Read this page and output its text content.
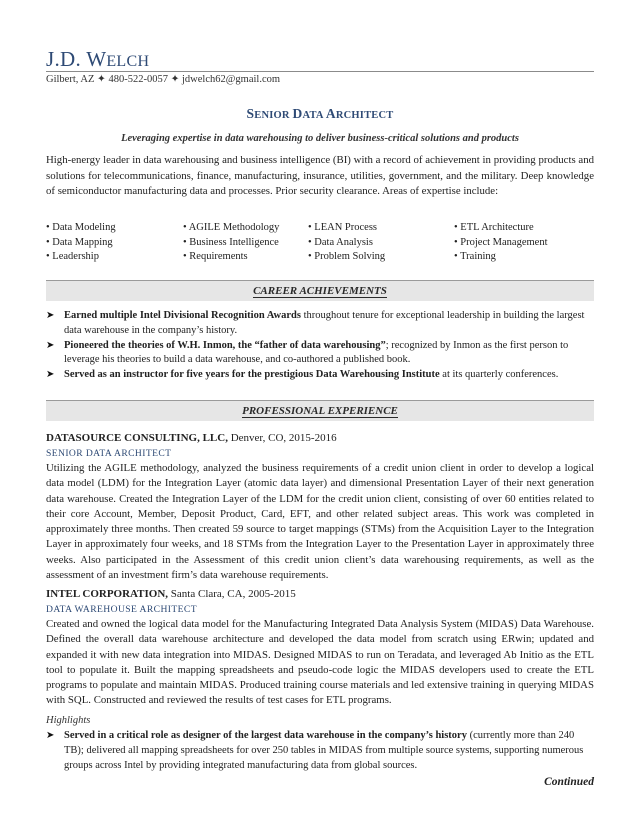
J.D. WELCH
Gilbert, AZ ✦ 480-522-0057 ✦ jdwelch62@gmail.com
SENIOR DATA ARCHITECT
Leveraging expertise in data warehousing to deliver business-critical solutions and products
High-energy leader in data warehousing and business intelligence (BI) with a record of achievement in providing products and solutions for telecommunications, finance, manufacturing, insurance, utilities, government, and the military. Deep knowledge of semiconductor manufacturing data and processes. Prior security clearance. Areas of expertise include:
• Data Modeling
• Data Mapping
• Leadership
• AGILE Methodology
• Business Intelligence
• Requirements
• LEAN Process
• Data Analysis
• Problem Solving
• ETL Architecture
• Project Management
• Training
CAREER ACHIEVEMENTS
➤ Earned multiple Intel Divisional Recognition Awards throughout tenure for exceptional leadership in building the largest data warehouse in the company’s history.
➤ Pioneered the theories of W.H. Inmon, the “father of data warehousing”; recognized by Inmon as the first person to leverage his theories to build a data warehouse, and co-authored a published book.
➤ Served as an instructor for five years for the prestigious Data Warehousing Institute at its quarterly conferences.
PROFESSIONAL EXPERIENCE
DATASOURCE CONSULTING, LLC, Denver, CO, 2015-2016
SENIOR DATA ARCHITECT
Utilizing the AGILE methodology, analyzed the business requirements of a credit union client in order to develop a logical data model (LDM) for the Integration Layer (atomic data layer) and dimensional Presentation Layer of their next generation data warehouse. Created the Integration Layer of the LDM for the credit union client, consisting of over 60 entities related to their core Account, Member, Deposit Product, Card, EFT, and other related subject areas. This work was completed in approximately three months. Then created 59 source to target mappings (STMs) from the Acquisition Layer to the Integration Layer in approximately four weeks, and 18 STMs from the Integration Layer to the Presentation Layer in approximately three weeks. Also participated in the Assessment of this credit union client’s data warehousing requirements, as well as the assessment of an investment firm’s data warehouse requirements.
INTEL CORPORATION, Santa Clara, CA, 2005-2015
DATA WAREHOUSE ARCHITECT
Created and owned the logical data model for the Manufacturing Integrated Data Analysis System (MIDAS) Data Warehouse. Defined the overall data warehouse architecture and developed the data model from scratch using ERwin; updated and expanded it with new data integration into MIDAS. Designed MIDAS to run on Teradata, and leveraged Ab Initio as the ETL tool to populate it. Built the mapping spreadsheets and pseudo-code logic the MIDAS developers used to create the ETL programs to populate and maintain MIDAS. Produced training course materials and led extensive training in querying MIDAS with SQL. Constructed and reviewed the results of test cases for ETL programs.
Highlights
➤ Served in a critical role as designer of the largest data warehouse in the company’s history (currently more than 240 TB); delivered all mapping spreadsheets for over 250 tables in MIDAS from multiple source systems, supporting numerous groups across Intel by providing integrated manufacturing data from global sources.
Continued
